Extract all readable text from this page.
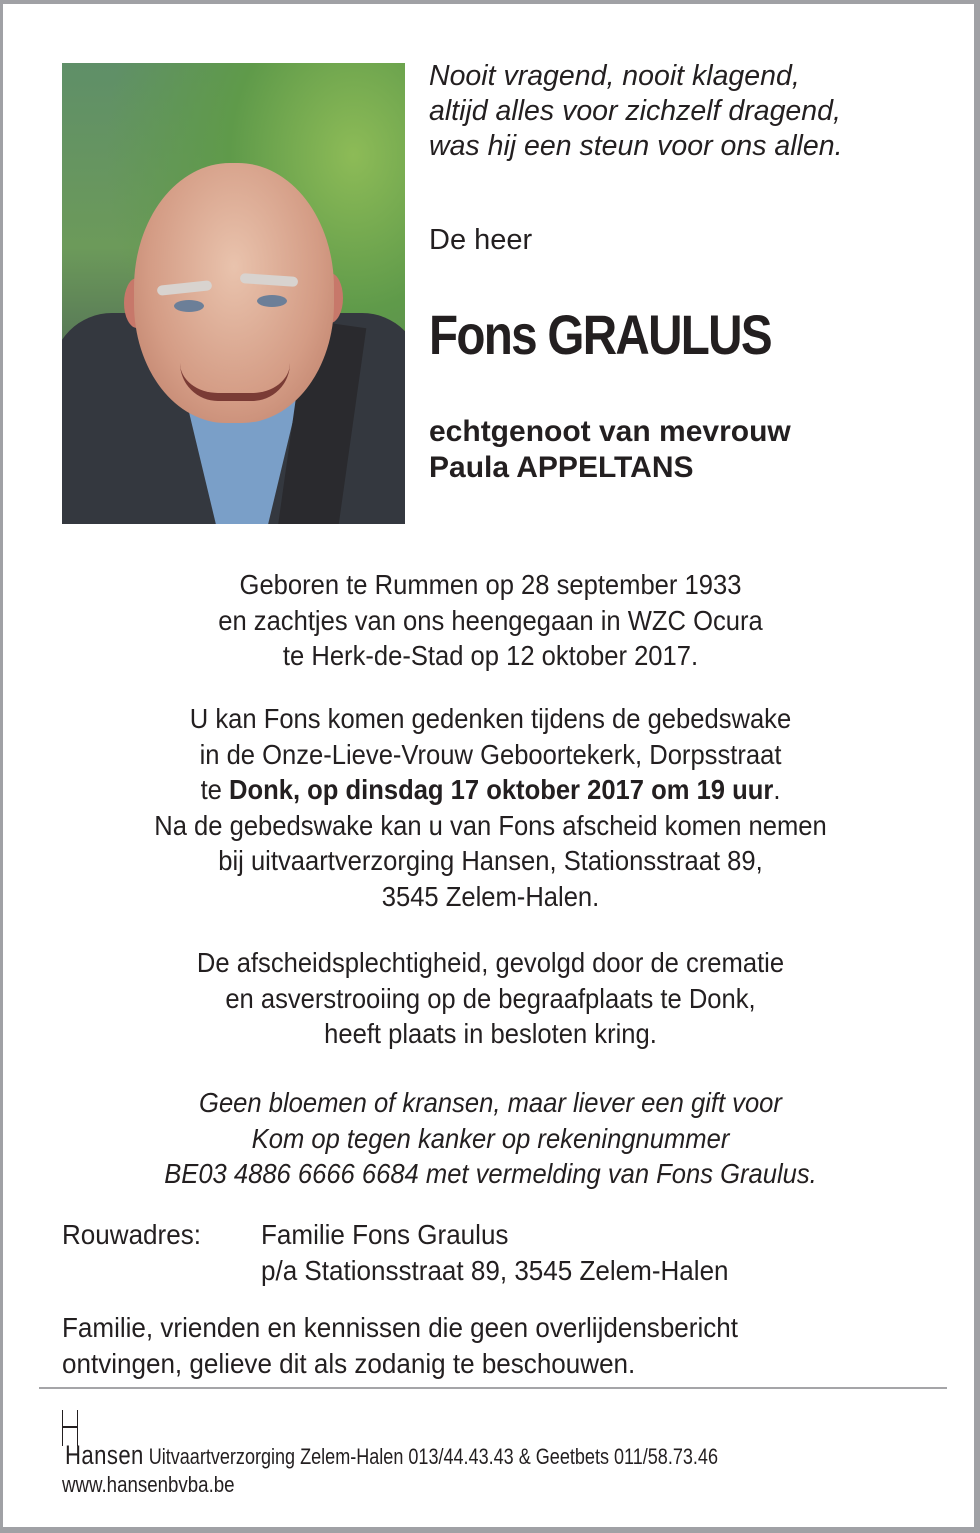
Nooit vragend, nooit klagend,
altijd alles voor zichzelf dragend,
was hij een steun voor ons allen.
De heer
Fons GRAULUS
echtgenoot van mevrouw
Paula APPELTANS
Geboren te Rummen op 28 september 1933
en zachtjes van ons heengegaan in WZC Ocura
te Herk-de-Stad op 12 oktober 2017.
U kan Fons komen gedenken tijdens de gebedswake
in de Onze-Lieve-Vrouw Geboortekerk, Dorpsstraat
te Donk, op dinsdag 17 oktober 2017 om 19 uur.
Na de gebedswake kan u van Fons afscheid komen nemen
bij uitvaartverzorging Hansen, Stationsstraat 89,
3545 Zelem-Halen.
De afscheidsplechtigheid, gevolgd door de crematie
en asverstrooiing op de begraafplaats te Donk,
heeft plaats in besloten kring.
Geen bloemen of kransen, maar liever een gift voor
Kom op tegen kanker op rekeningnummer
BE03 4886 6666 6684 met vermelding van Fons Graulus.
Rouwadres: Familie Fons Graulus
p/a Stationsstraat 89, 3545 Zelem-Halen
Familie, vrienden en kennissen die geen overlijdensbericht
ontvingen, gelieve dit als zodanig te beschouwen.
Hansen Uitvaartverzorging Zelem-Halen 013/44.43.43 & Geetbets 011/58.73.46
www.hansenbvba.be
